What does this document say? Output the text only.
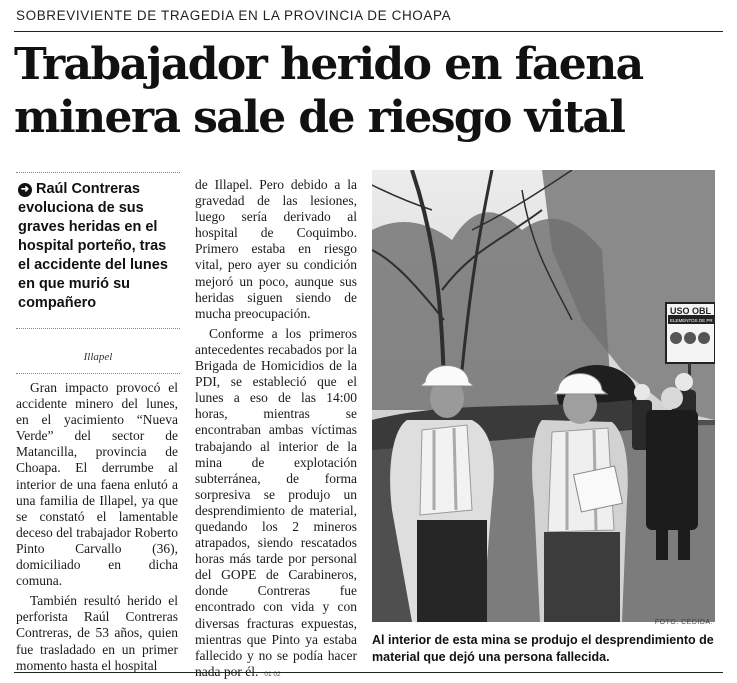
SOBREVIVIENTE DE TRAGEDIA EN LA PROVINCIA DE CHOAPA
Trabajador herido en faena minera sale de riesgo vital
➜ Raúl Contreras evoluciona de sus graves heridas en el hospital porteño, tras el accidente del lunes en que murió su compañero
Illapel

Gran impacto provocó el accidente minero del lunes, en el yacimiento “Nueva Verde” del sector de Matancilla, provincia de Choapa. El derrumbe al interior de una faena enlutó a una familia de Illapel, ya que se constató el lamentable deceso del trabajador Roberto Pinto Carvallo (36), domiciliado en dicha comuna.

También resultó herido el perforista Raúl Contreras Contreras, de 53 años, quien fue trasladado en un primer momento hasta el hospital

de Illapel. Pero debido a la gravedad de las lesiones, luego sería derivado al hospital de Coquimbo. Primero estaba en riesgo vital, pero ayer su condición mejoró un poco, aunque sus heridas siguen siendo de mucha preocupación.

Conforme a los primeros antecedentes recabados por la Brigada de Homicidios de la PDI, se estableció que el lunes a eso de las 14:00 horas, mientras se encontraban ambas víctimas trabajando al interior de la mina de explotación subterránea, de forma sorpresiva se produjo un desprendimiento de material, quedando los 2 mineros atrapados, siendo rescatados horas más tarde por personal del GOPE de Carabineros, donde Contreras fue encontrado con vida y con diversas fracturas expuestas, mientras que Pinto ya estaba fallecido y no se podía hacer nada por él. 01 02

USO OBL
ELEMENTOS DE PR
FOTO: CEDIDA.
Al interior de esta mina se produjo el desprendimiento de material que dejó una persona fallecida.
